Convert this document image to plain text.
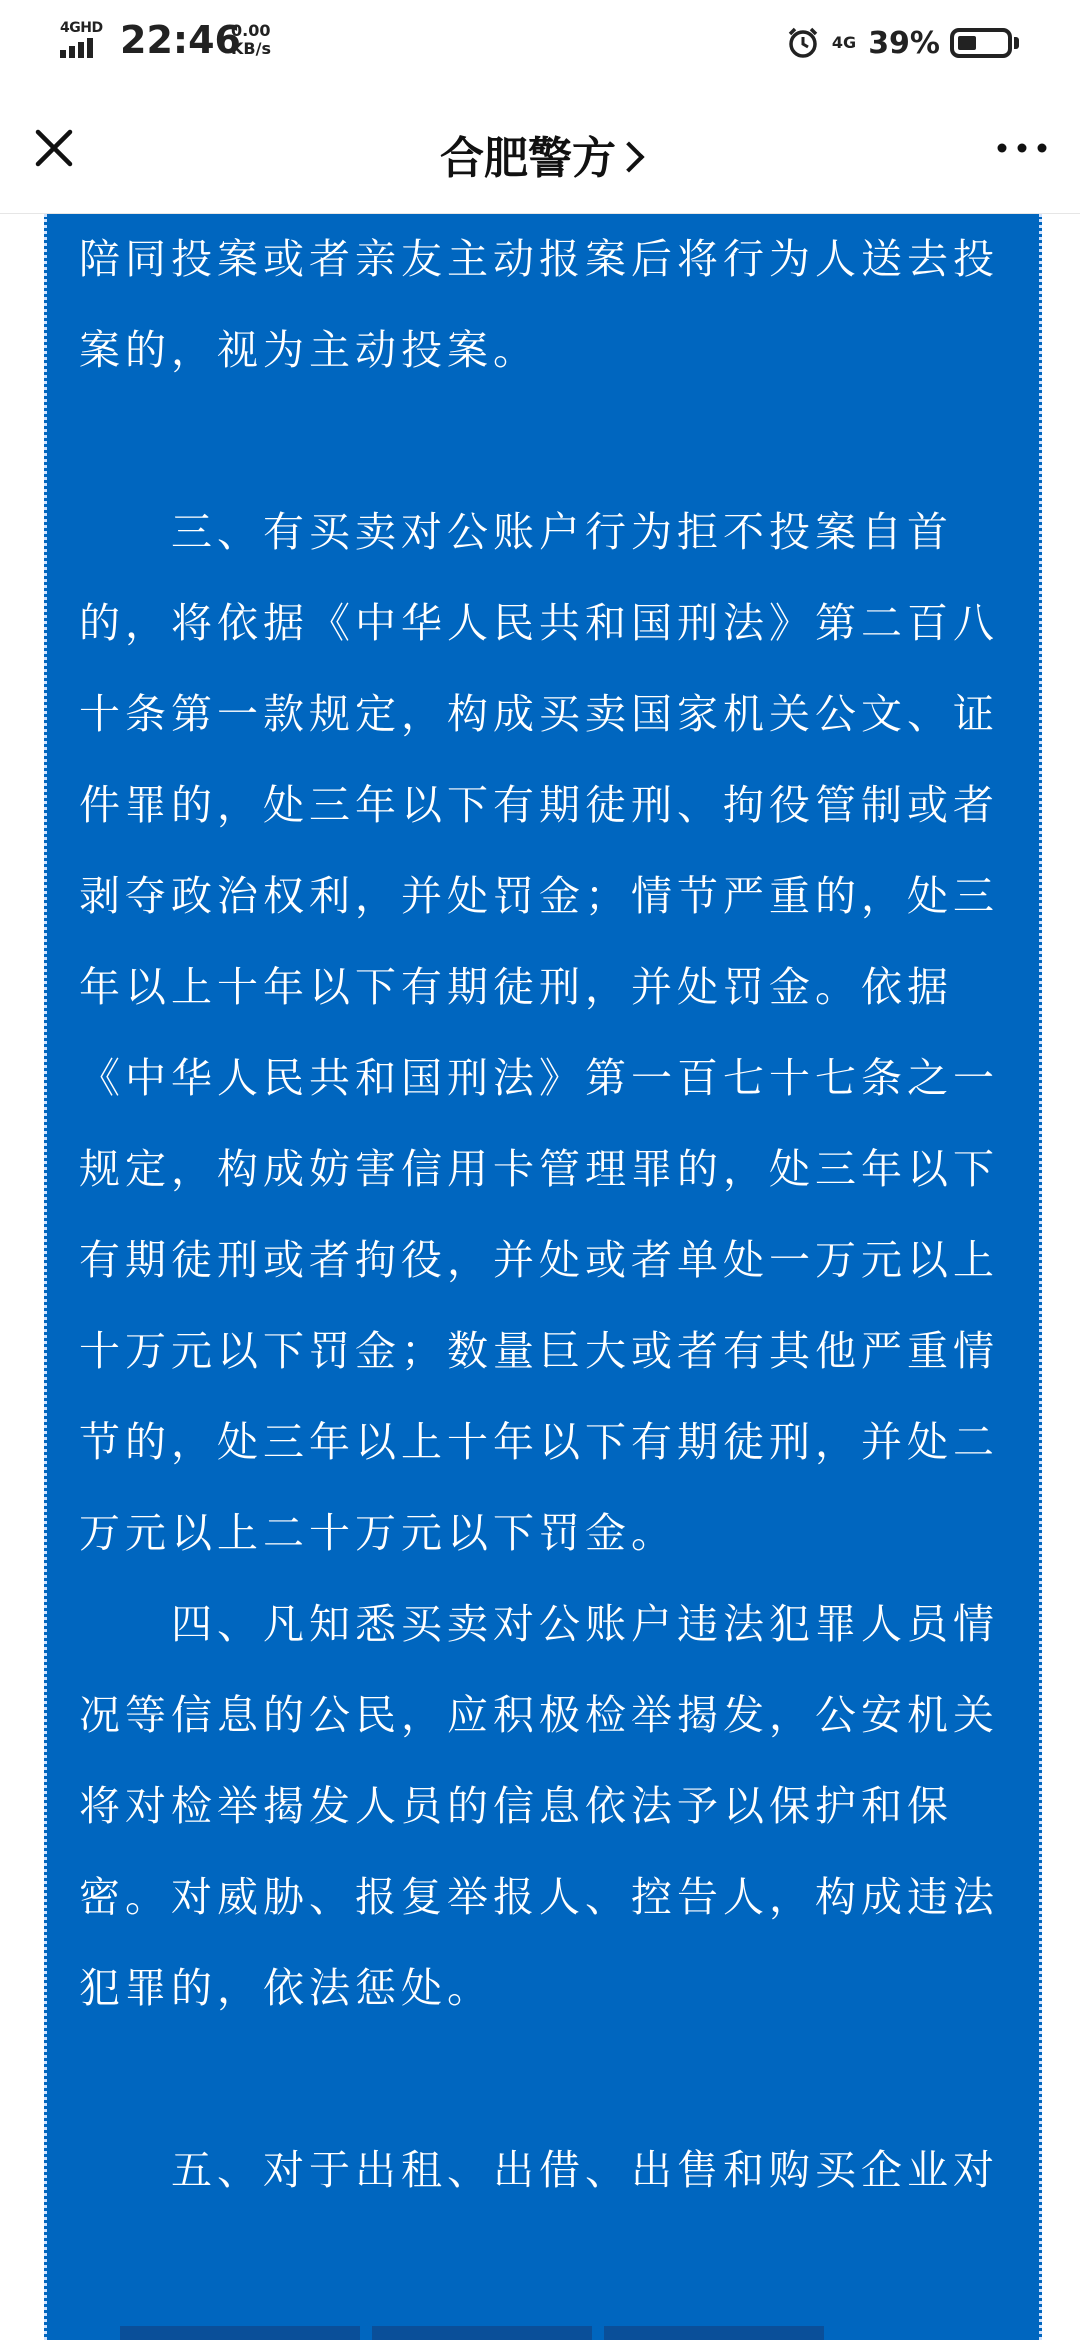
4GHD 22:46
0.00
KB/s	4G 39%
合肥警方

陪同投案或者亲友主动报案后将行为人送去投
案的，视为主动投案。

三、有买卖对公账户行为拒不投案自首
的，将依据《中华人民共和国刑法》第二百八
十条第一款规定，构成买卖国家机关公文、证
件罪的，处三年以下有期徒刑、拘役管制或者
剥夺政治权利，并处罚金；情节严重的，处三
年以上十年以下有期徒刑，并处罚金。依据
《中华人民共和国刑法》第一百七十七条之一
规定，构成妨害信用卡管理罪的，处三年以下
有期徒刑或者拘役，并处或者单处一万元以上
十万元以下罚金；数量巨大或者有其他严重情
节的，处三年以上十年以下有期徒刑，并处二
万元以上二十万元以下罚金。

四、凡知悉买卖对公账户违法犯罪人员情
况等信息的公民，应积极检举揭发，公安机关
将对检举揭发人员的信息依法予以保护和保
密。对威胁、报复举报人、控告人，构成违法
犯罪的，依法惩处。

五、对于出租、出借、出售和购买企业对
